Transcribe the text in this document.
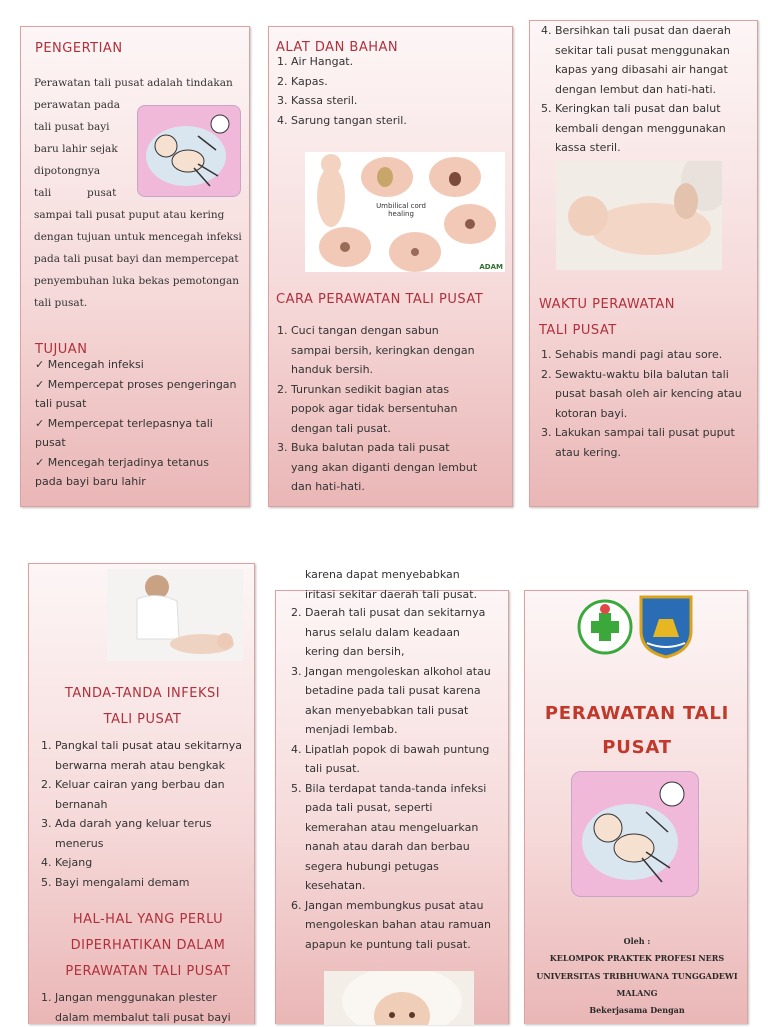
PENGERTIAN
Perawatan tali pusat adalah tindakan
perawatan pada
tali pusat bayi
baru lahir sejak
dipotongnya
tali	pusat
sampai tali pusat puput atau kering
dengan tujuan untuk mencegah infeksi
pada tali pusat bayi dan mempercepat
penyembuhan luka bekas pemotongan
tali pusat.
TUJUAN
✓ Mencegah infeksi
✓ Mempercepat proses pengeringan
tali pusat
✓ Mempercepat terlepasnya tali
pusat
✓ Mencegah terjadinya tetanus
pada bayi baru lahir
ALAT DAN BAHAN
1. Air Hangat.
2. Kapas.
3. Kassa steril.
4. Sarung tangan steril.
Umbilical cord healing
ADAM
CARA PERAWATAN TALI PUSAT
1. Cuci tangan dengan sabun
sampai bersih, keringkan dengan
handuk bersih.
2. Turunkan sedikit bagian atas
popok agar tidak bersentuhan
dengan tali pusat.
3. Buka balutan pada tali pusat
yang akan diganti dengan lembut
dan hati-hati.
4. Bersihkan tali pusat dan daerah
sekitar tali pusat menggunakan
kapas yang dibasahi air hangat
dengan lembut dan hati-hati.
5. Keringkan tali pusat dan balut
kembali dengan menggunakan
kassa steril.
WAKTU PERAWATAN
TALI PUSAT
1. Sehabis mandi pagi atau sore.
2. Sewaktu-waktu bila balutan tali
pusat basah oleh air kencing atau
kotoran bayi.
3. Lakukan sampai tali pusat puput
atau kering.
TANDA-TANDA INFEKSI
TALI PUSAT
1. Pangkal tali pusat atau sekitarnya
berwarna merah atau bengkak
2. Keluar cairan yang berbau dan
bernanah
3. Ada darah yang keluar terus
menerus
4. Kejang
5. Bayi mengalami demam
HAL-HAL YANG PERLU
DIPERHATIKAN DALAM
PERAWATAN TALI PUSAT
1. Jangan menggunakan plester
dalam membalut tali pusat bayi
karena dapat menyebabkan
iritasi sekitar daerah tali pusat.
2. Daerah tali pusat dan sekitarnya
harus selalu dalam keadaan
kering dan bersih,
3. Jangan mengoleskan alkohol atau
betadine pada tali pusat karena
akan menyebabkan tali pusat
menjadi lembab.
4. Lipatlah popok di bawah puntung
tali pusat.
5. Bila terdapat tanda-tanda infeksi
pada tali pusat, seperti
kemerahan atau mengeluarkan
nanah atau darah dan berbau
segera hubungi petugas
kesehatan.
6. Jangan membungkus pusat atau
mengoleskan bahan atau ramuan
apapun ke puntung tali pusat.
PERAWATAN TALI
PUSAT
Oleh :
KELOMPOK PRAKTEK PROFESI NERS
UNIVERSITAS TRIBHUWANA TUNGGADEWI
MALANG
Bekerjasama Dengan
